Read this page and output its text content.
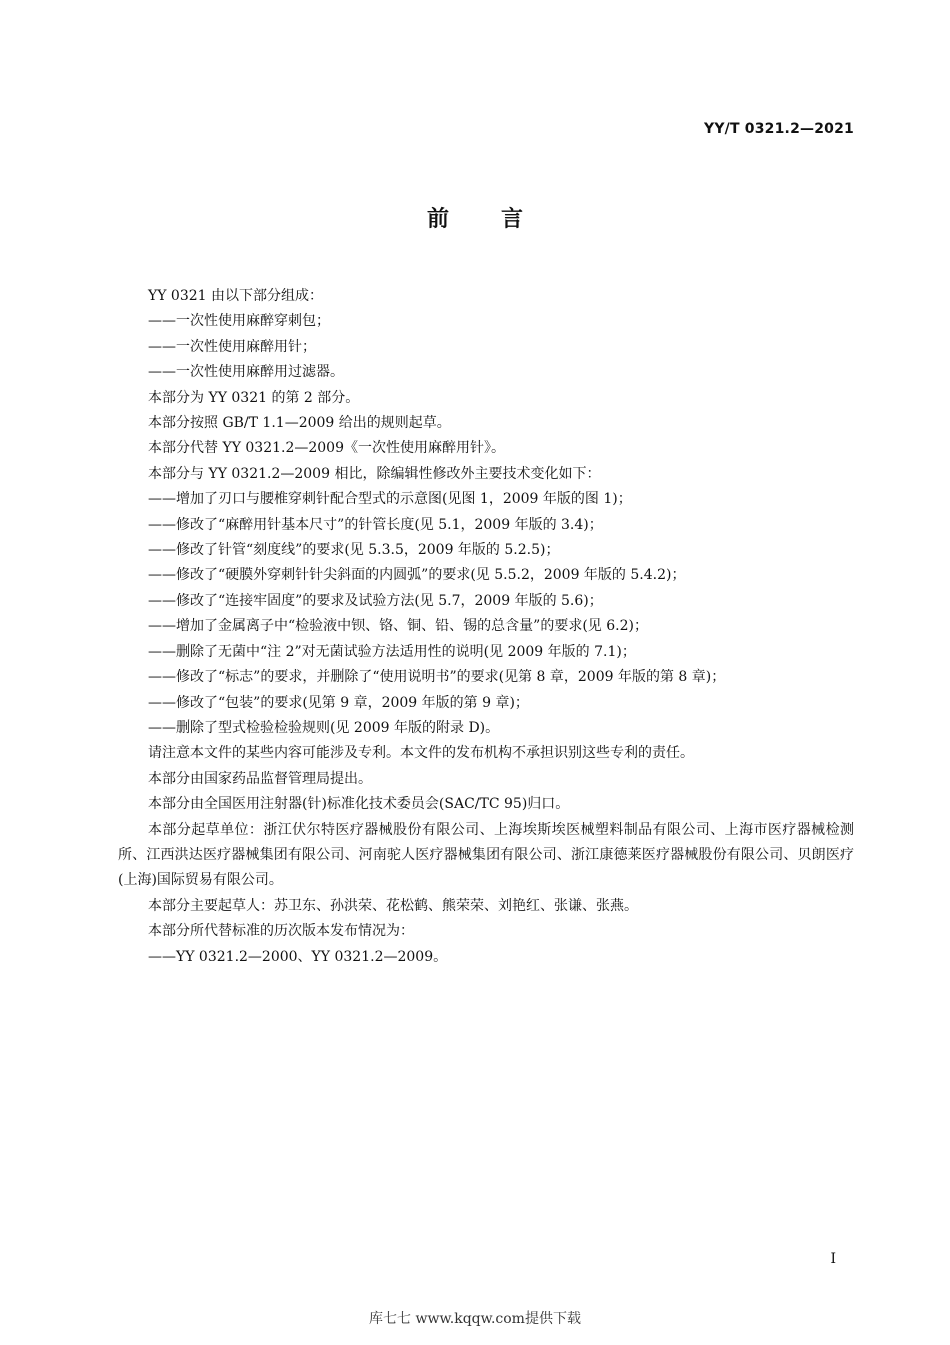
YY/T 0321.2—2021
前言

YY 0321 由以下部分组成：

——一次性使用麻醉穿刺包；

——一次性使用麻醉用针；

——一次性使用麻醉用过滤器。

本部分为 YY 0321 的第 2 部分。

本部分按照 GB/T 1.1—2009 给出的规则起草。

本部分代替 YY 0321.2—2009《一次性使用麻醉用针》。

本部分与 YY 0321.2—2009 相比，除编辑性修改外主要技术变化如下：

——增加了刃口与腰椎穿刺针配合型式的示意图(见图 1，2009 年版的图 1)；

——修改了“麻醉用针基本尺寸”的针管长度(见 5.1，2009 年版的 3.4)；

——修改了针管“刻度线”的要求(见 5.3.5，2009 年版的 5.2.5)；

——修改了“硬膜外穿刺针针尖斜面的内圆弧”的要求(见 5.5.2，2009 年版的 5.4.2)；

——修改了“连接牢固度”的要求及试验方法(见 5.7，2009 年版的 5.6)；

——增加了金属离子中“检验液中钡、铬、铜、铅、锡的总含量”的要求(见 6.2)；

——删除了无菌中“注 2”对无菌试验方法适用性的说明(见 2009 年版的 7.1)；

——修改了“标志”的要求，并删除了“使用说明书”的要求(见第 8 章，2009 年版的第 8 章)；

——修改了“包装”的要求(见第 9 章，2009 年版的第 9 章)；

——删除了型式检验检验规则(见 2009 年版的附录 D)。

请注意本文件的某些内容可能涉及专利。本文件的发布机构不承担识别这些专利的责任。

本部分由国家药品监督管理局提出。

本部分由全国医用注射器(针)标准化技术委员会(SAC/TC 95)归口。

本部分起草单位：浙江伏尔特医疗器械股份有限公司、上海埃斯埃医械塑料制品有限公司、上海市医疗器械检测所、江西洪达医疗器械集团有限公司、河南驼人医疗器械集团有限公司、浙江康德莱医疗器械股份有限公司、贝朗医疗(上海)国际贸易有限公司。

本部分主要起草人：苏卫东、孙洪荣、花松鹤、熊荣荣、刘艳红、张谦、张燕。

本部分所代替标准的历次版本发布情况为：

——YY 0321.2—2000、YY 0321.2—2009。

I
库七七 www.kqqw.com提供下载
